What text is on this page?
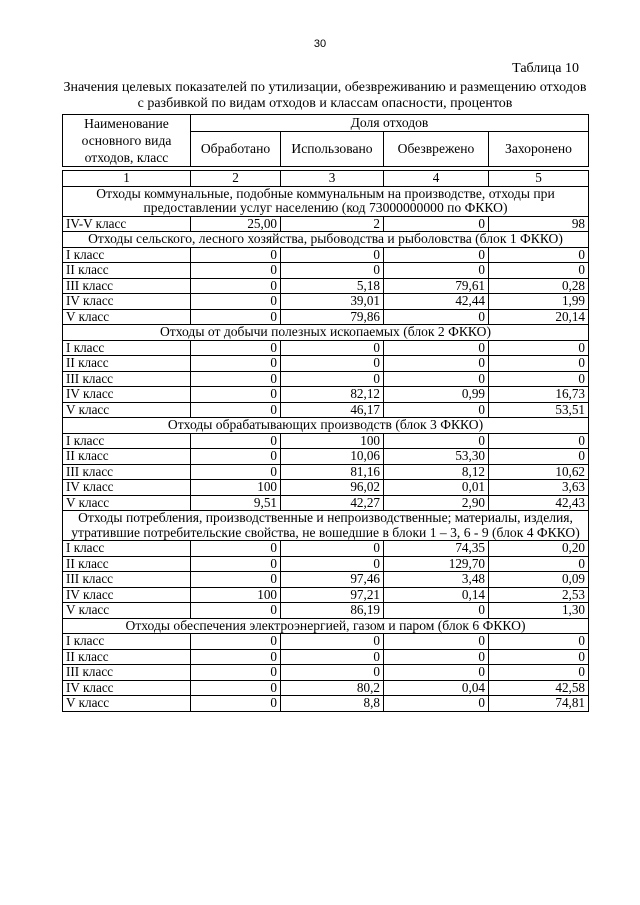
30
Таблица 10
Значения целевых показателей по утилизации, обезвреживанию и размещению отходов с разбивкой по видам отходов и классам опасности, процентов
Наименование основного вида отходов, класс	Доля отходов			
	Обработано	Использовано	Обезврежено	Захоронено

1	2	3	4	5
Отходы коммунальные, подобные коммунальным на производстве, отходы при предоставлении услуг населению (код 73000000000 по ФККО)				
IV-V класс	25,00	2	0	98
Отходы сельского, лесного хозяйства, рыбоводства и рыболовства (блок 1 ФККО)				
I класс	0	0	0	0
II класс	0	0	0	0
III класс	0	5,18	79,61	0,28
IV класс	0	39,01	42,44	1,99
V класс	0	79,86	0	20,14
Отходы от добычи полезных ископаемых (блок 2 ФККО)				
I класс	0	0	0	0
II класс	0	0	0	0
III класс	0	0	0	0
IV класс	0	82,12	0,99	16,73
V класс	0	46,17	0	53,51
Отходы обрабатывающих производств (блок 3 ФККО)				
I класс	0	100	0	0
II класс	0	10,06	53,30	0
III класс	0	81,16	8,12	10,62
IV класс	100	96,02	0,01	3,63
V класс	9,51	42,27	2,90	42,43
Отходы потребления, производственные и непроизводственные; материалы, изделия, утратившие потребительские свойства, не вошедшие в блоки 1 – 3, 6 - 9 (блок 4 ФККО)				
I класс	0	0	74,35	0,20
II класс	0	0	129,70	0
III класс	0	97,46	3,48	0,09
IV класс	100	97,21	0,14	2,53
V класс	0	86,19	0	1,30
Отходы обеспечения электроэнергией, газом и паром (блок 6 ФККО)				
I класс	0	0	0	0
II класс	0	0	0	0
III класс	0	0	0	0
IV класс	0	80,2	0,04	42,58
V класс	0	8,8	0	74,81
